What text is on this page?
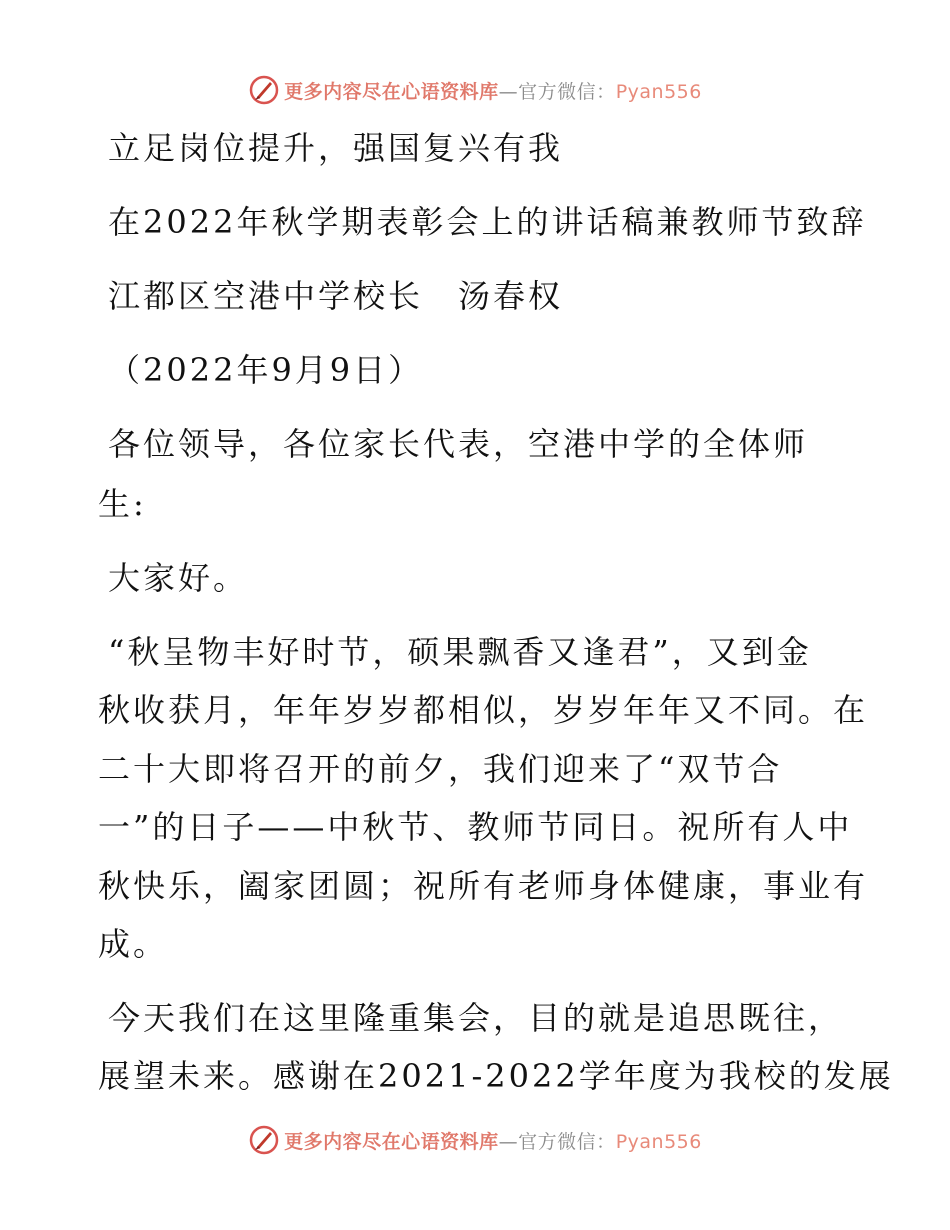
更多内容尽在心语资料库—官方微信：Pyan556
立足岗位提升，强国复兴有我
在2022年秋学期表彰会上的讲话稿兼教师节致辞
江都区空港中学校长　汤春权
（2022年9月9日）
各位领导，各位家长代表，空港中学的全体师
生:
大家好。
“秋呈物丰好时节，硕果飘香又逢君”，又到金
秋收获月，年年岁岁都相似，岁岁年年又不同。在
二十大即将召开的前夕，我们迎来了“双节合
一”的日子——中秋节、教师节同日。祝所有人中
秋快乐，阖家团圆；祝所有老师身体健康，事业有
成。
今天我们在这里隆重集会，目的就是追思既往，
展望未来。感谢在2021-2022学年度为我校的发展
更多内容尽在心语资料库—官方微信：Pyan556
